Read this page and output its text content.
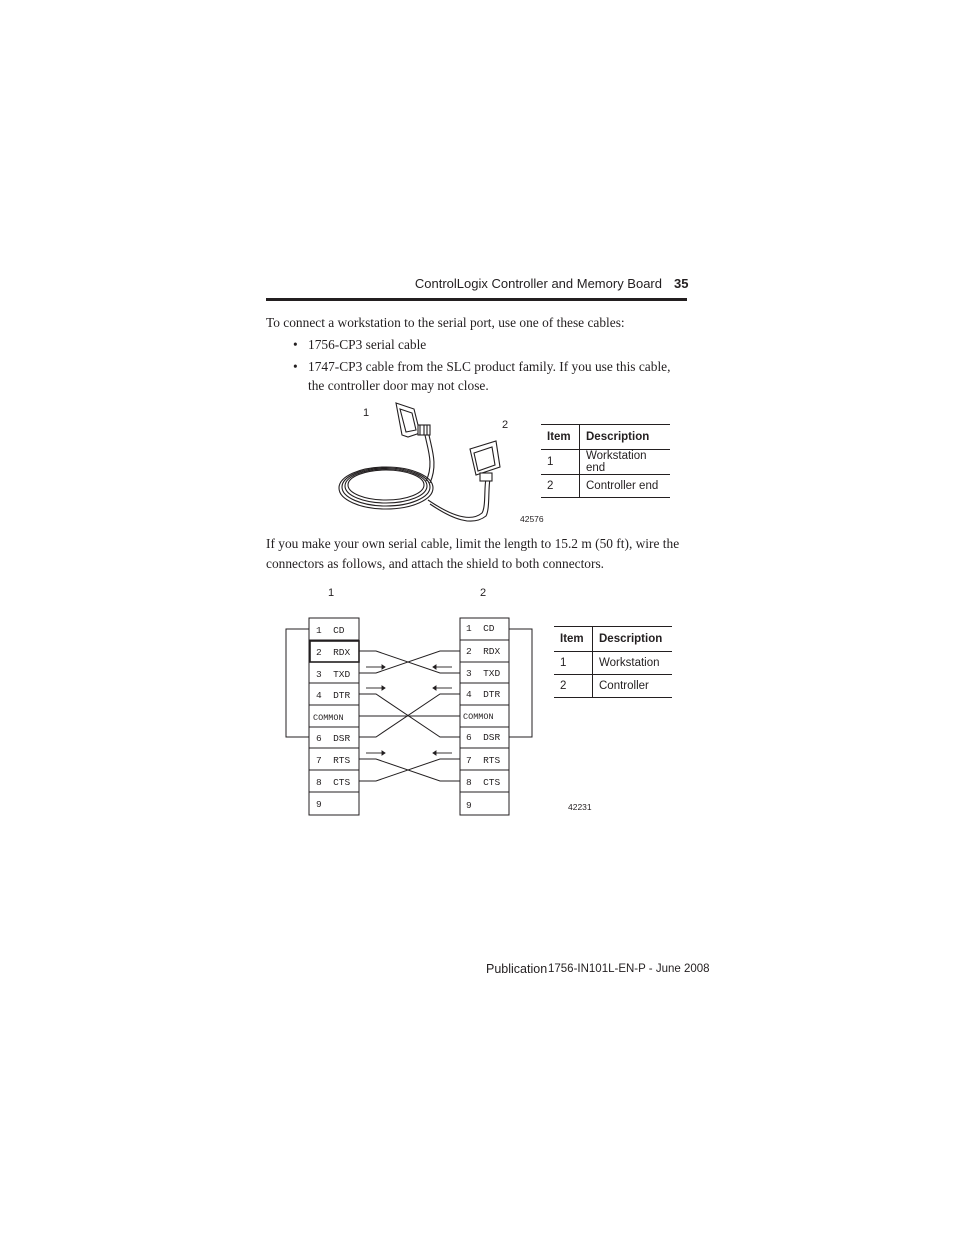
ControlLogix Controller and Memory Board 35
To connect a workstation to the serial port, use one of these cables:
• 1756-CP3 serial cable
• 1747-CP3 cable from the SLC product family. If you use this cable, the controller door may not close.
1
2
42576
Item	Description
1	Workstation end
2	Controller end
If you make your own serial cable, limit the length to 15.2 m (50 ft), wire the connectors as follows, and attach the shield to both connectors.
1	2
1  CD
2  RDX
3  TXD
4  DTR
COMMON
6  DSR
7  RTS
8  CTS
9
1  CD
2  RDX
3  TXD
4  DTR
COMMON
6  DSR
7  RTS
8  CTS
9	42231
Item	Description
1	Workstation
2	Controller
Publication 1756-IN101L-EN-P - June 2008
